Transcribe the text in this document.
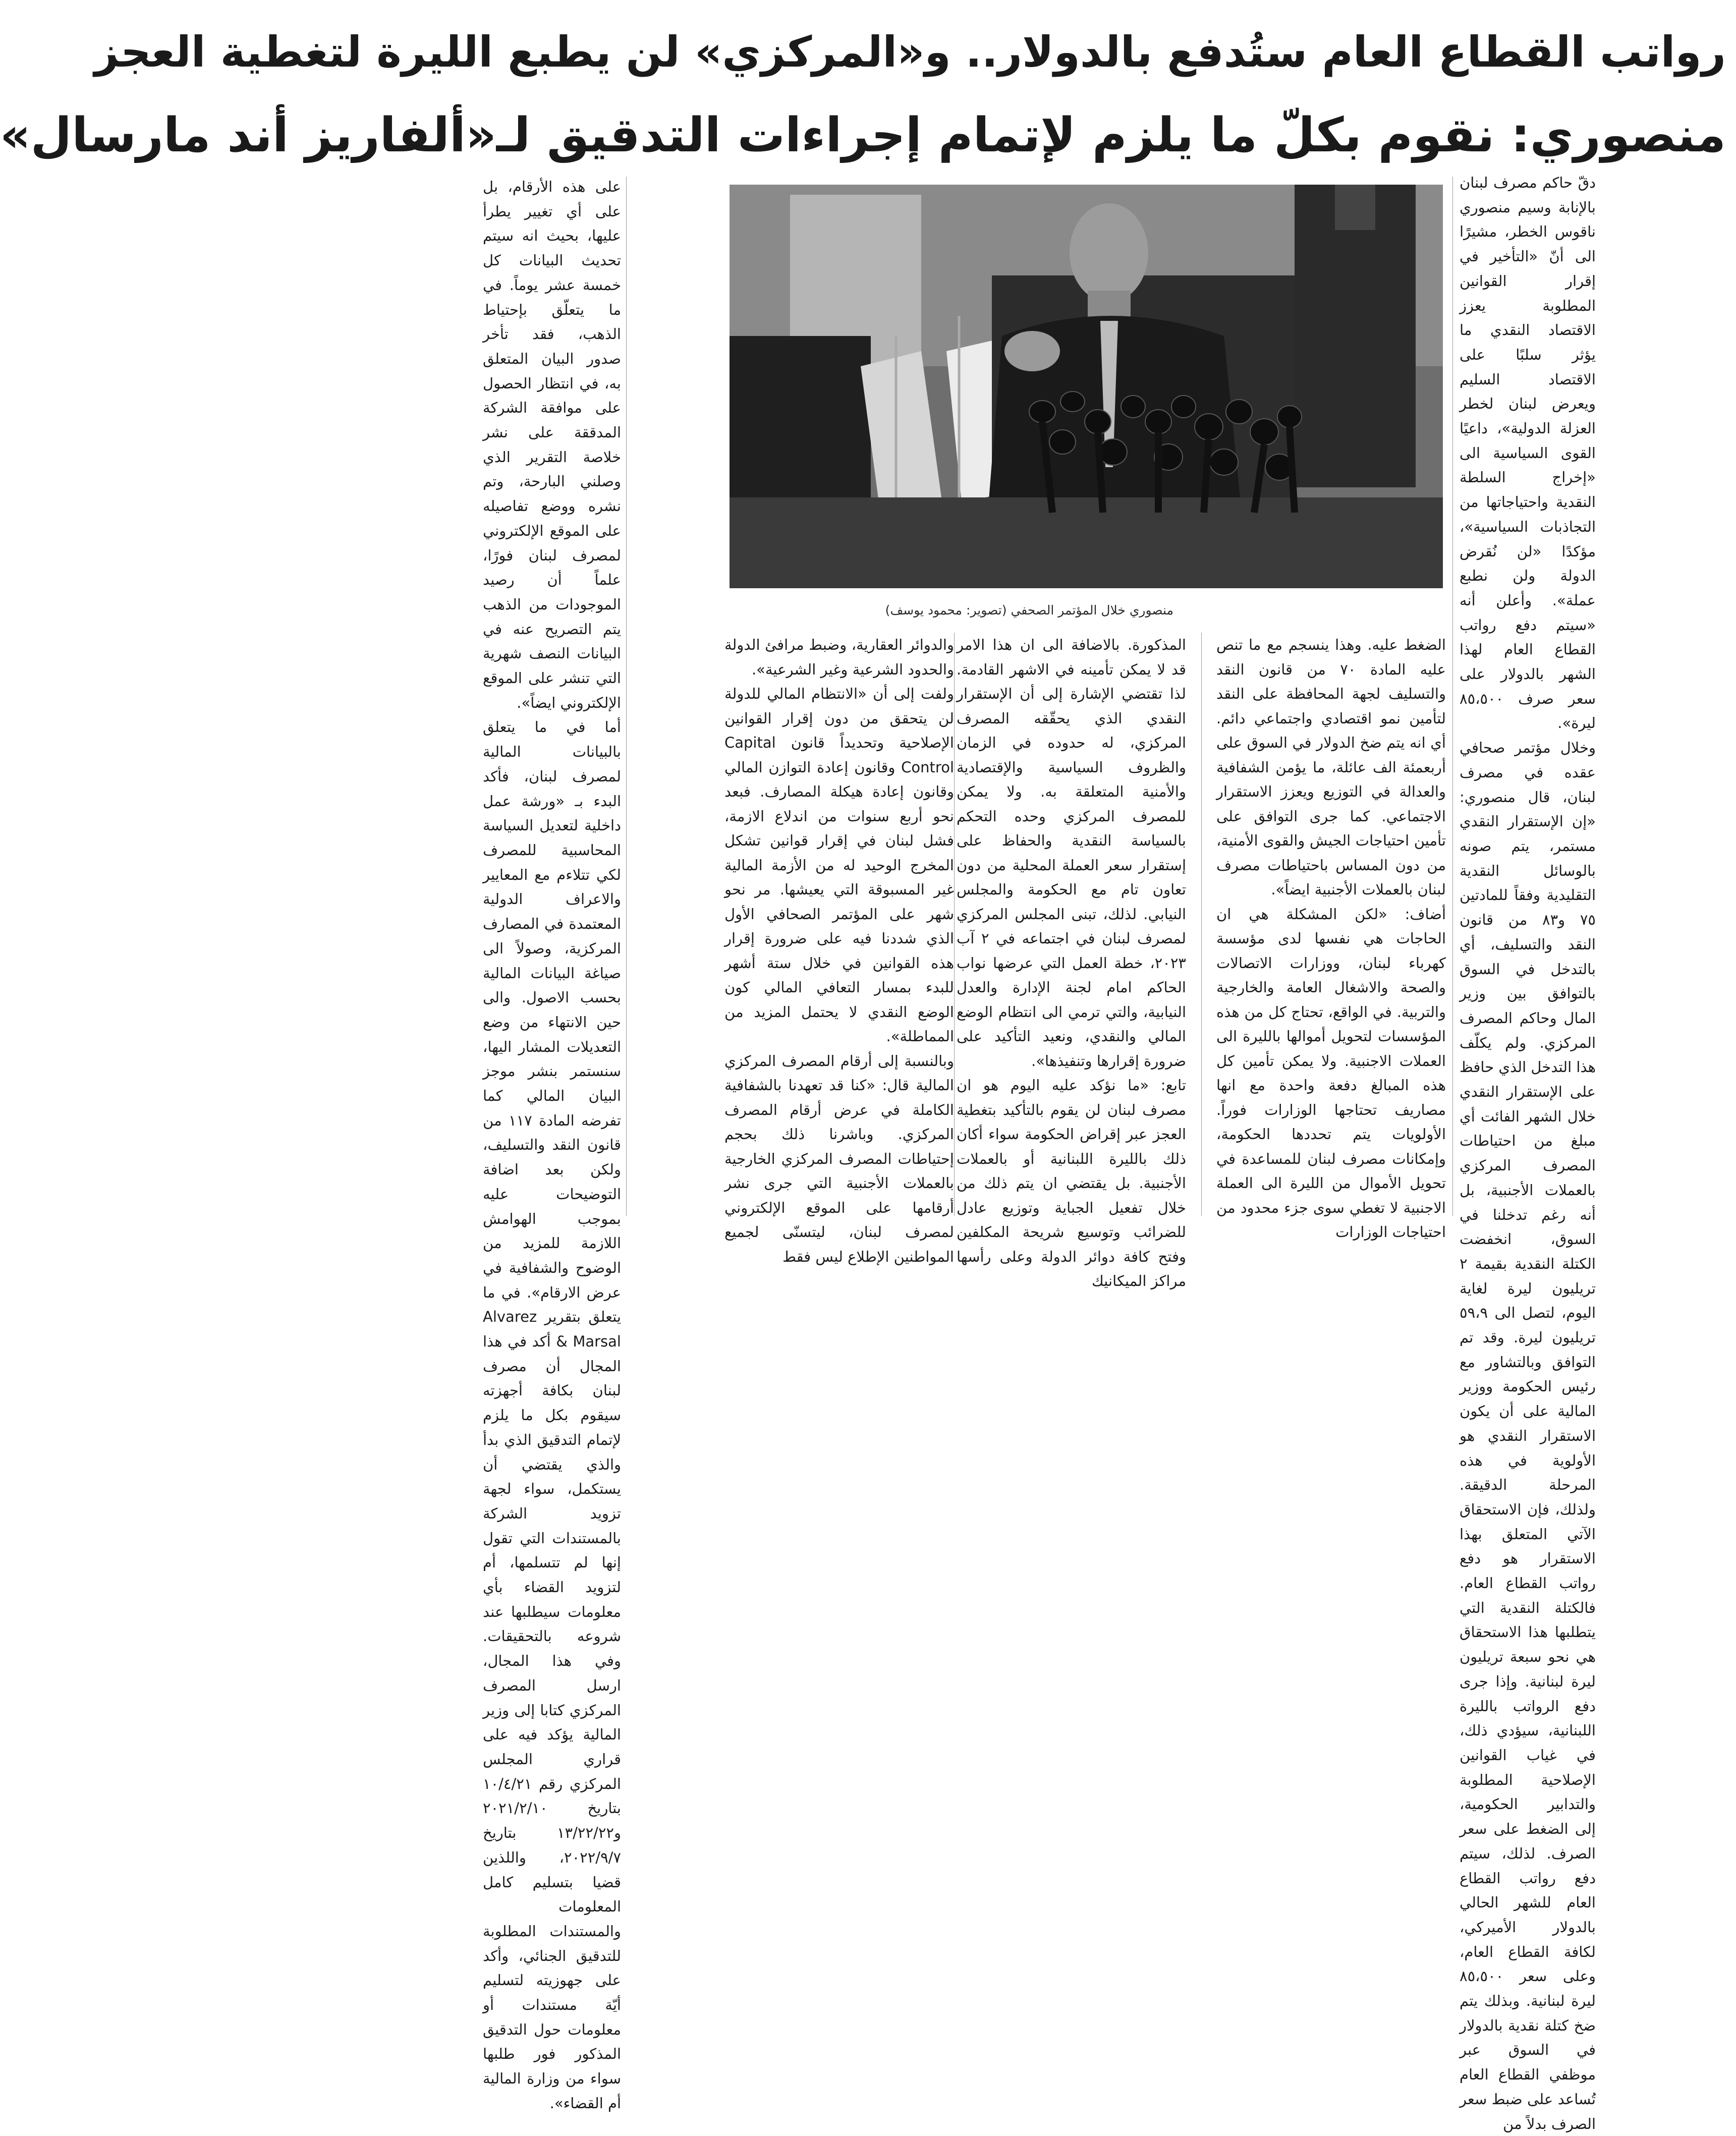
رواتب القطاع العام ستُدفع بالدولار.. و«المركزي» لن يطبع الليرة لتغطية العجز
منصوري: نقوم بكلّ ما يلزم لإتمام إجراءات التدقيق لـ«ألفاريز أند مارسال»

دقّ حاكم مصرف لبنان بالإنابة وسيم منصوري ناقوس الخطر، مشيرًا الى أنّ «التأخير في إقرار القوانين المطلوبة يعزز الاقتصاد النقدي ما يؤثر سلبًا على الاقتصاد السليم ويعرض لبنان لخطر العزلة الدولية»، داعيًا القوى السياسية الى «إخراج السلطة النقدية واحتياجاتها من التجاذبات السياسية»، مؤكدًا «لن نُقرض الدولة ولن نطبع عملة». وأعلن أنه «سيتم دفع رواتب القطاع العام لهذا الشهر بالدولار على سعر صرف ٨٥،٥٠٠ ليرة».

وخلال مؤتمر صحافي عقده في مصرف لبنان، قال منصوري: «إن الإستقرار النقدي مستمر، يتم صونه بالوسائل النقدية التقليدية وفقاً للمادتين ٧٥ و٨٣ من قانون النقد والتسليف، أي بالتدخل في السوق بالتوافق بين وزير المال وحاكم المصرف المركزي. ولم يكلّف هذا التدخل الذي حافظ على الإستقرار النقدي خلال الشهر الفائت أي مبلغ من احتياطات المصرف المركزي بالعملات الأجنبية، بل أنه رغم تدخلنا في السوق، انخفضت الكتلة النقدية بقيمة ٢ تريليون ليرة لغاية اليوم، لتصل الى ٥٩،٩ تريليون ليرة. وقد تم التوافق وبالتشاور مع رئيس الحكومة ووزير المالية على أن يكون الاستقرار النقدي هو الأولوية في هذه المرحلة الدقيقة. ولذلك، فإن الاستحقاق الآتي المتعلق بهذا الاستقرار هو دفع رواتب القطاع العام. فالكتلة النقدية التي يتطلبها هذا الاستحقاق هي نحو سبعة تريليون ليرة لبنانية. وإذا جرى دفع الرواتب بالليرة اللبنانية، سيؤدي ذلك، في غياب القوانين الإصلاحية المطلوبة والتدابير الحكومية، إلى الضغط على سعر الصرف. لذلك، سيتم دفع رواتب القطاع العام للشهر الحالي بالدولار الأميركي، لكافة القطاع العام، وعلى سعر ٨٥،٥٠٠ ليرة لبنانية. وبذلك يتم ضخ كتلة نقدية بالدولار في السوق عبر موظفي القطاع العام تُساعد على ضبط سعر الصرف بدلاً من

منصوري خلال المؤتمر الصحفي (تصوير: محمود يوسف)

الضغط عليه. وهذا ينسجم مع ما تنص عليه المادة ٧٠ من قانون النقد والتسليف لجهة المحافظة على النقد لتأمين نمو اقتصادي واجتماعي دائم. أي انه يتم ضخ الدولار في السوق على أربعمئة الف عائلة، ما يؤمن الشفافية والعدالة في التوزيع ويعزز الاستقرار الاجتماعي. كما جرى التوافق على تأمين احتياجات الجيش والقوى الأمنية، من دون المساس باحتياطات مصرف لبنان بالعملات الأجنبية ايضاً».

أضاف: «لكن المشكلة هي ان الحاجات هي نفسها لدى مؤسسة كهرباء لبنان، ووزارات الاتصالات والصحة والاشغال العامة والخارجية والتربية. في الواقع، تحتاج كل من هذه المؤسسات لتحويل أموالها بالليرة الى العملات الاجنبية. ولا يمكن تأمين كل هذه المبالغ دفعة واحدة مع انها مصاريف تحتاجها الوزارات فوراً. الأولويات يتم تحددها الحكومة، وإمكانات مصرف لبنان للمساعدة في تحويل الأموال من الليرة الى العملة الاجنبية لا تغطي سوى جزء محدود من احتياجات الوزارات

المذكورة. بالاضافة الى ان هذا الامر قد لا يمكن تأمينه في الاشهر القادمة. لذا تقتضي الإشارة إلى أن الإستقرار النقدي الذي يحقّقه المصرف المركزي، له حدوده في الزمان والظروف السياسية والإقتصادية والأمنية المتعلقة به. ولا يمكن للمصرف المركزي وحده التحكم بالسياسة النقدية والحفاظ على إستقرار سعر العملة المحلية من دون تعاون تام مع الحكومة والمجلس النيابي. لذلك، تبنى المجلس المركزي لمصرف لبنان في اجتماعه في ٢ آب ٢٠٢٣، خطة العمل التي عرضها نواب الحاكم امام لجنة الإدارة والعدل النيابية، والتي ترمي الى انتظام الوضع المالي والنقدي، ونعيد التأكيد على ضرورة إقرارها وتنفيذها».

تابع: «ما نؤكد عليه اليوم هو ان مصرف لبنان لن يقوم بالتأكيد بتغطية العجز عبر إقراض الحكومة سواء أكان ذلك بالليرة اللبنانية أو بالعملات الأجنبية. بل يقتضي ان يتم ذلك من خلال تفعيل الجباية وتوزيع عادل للضرائب وتوسيع شريحة المكلفين وفتح كافة دوائر الدولة وعلى رأسها مراكز الميكانيك

والدوائر العقارية، وضبط مرافئ الدولة والحدود الشرعية وغير الشرعية».

ولفت إلى أن «الانتظام المالي للدولة لن يتحقق من دون إقرار القوانين الإصلاحية وتحديداً قانون Capital Control وقانون إعادة التوازن المالي وقانون إعادة هيكلة المصارف. فبعد نحو أربع سنوات من اندلاع الازمة، فشل لبنان في إقرار قوانين تشكل المخرج الوحيد له من الأزمة المالية غير المسبوقة التي يعيشها. مر نحو شهر على المؤتمر الصحافي الأول الذي شددنا فيه على ضرورة إقرار هذه القوانين في خلال ستة أشهر للبدء بمسار التعافي المالي كون الوضع النقدي لا يحتمل المزيد من المماطلة».

وبالنسبة إلى أرقام المصرف المركزي المالية قال: «كنا قد تعهدنا بالشفافية الكاملة في عرض أرقام المصرف المركزي. وباشرنا ذلك بحجم إحتياطات المصرف المركزي الخارجية بالعملات الأجنبية التي جرى نشر أرقامها على الموقع الإلكتروني لمصرف لبنان، ليتسنّى لجميع المواطنين الإطلاع ليس فقط

على هذه الأرقام، بل على أي تغيير يطرأ عليها، بحيث انه سيتم تحديث البيانات كل خمسة عشر يوماً. في ما يتعلّق بإحتياط الذهب، فقد تأخر صدور البيان المتعلق به، في انتظار الحصول على موافقة الشركة المدققة على نشر خلاصة التقرير الذي وصلني البارحة، وتم نشره ووضع تفاصيله على الموقع الإلكتروني لمصرف لبنان فورًا، علماً أن رصيد الموجودات من الذهب يتم التصريح عنه في البيانات النصف شهرية التي تنشر على الموقع الإلكتروني ايضاً».

أما في ما يتعلق بالبيانات المالية لمصرف لبنان، فأكد البدء بـ «ورشة عمل داخلية لتعديل السياسة المحاسبية للمصرف لكي تتلاءم مع المعايير والاعراف الدولية المعتمدة في المصارف المركزية، وصولاً الى صياغة البيانات المالية بحسب الاصول. والى حين الانتهاء من وضع التعديلات المشار اليها، سنستمر بنشر موجز البيان المالي كما تفرضه المادة ١١٧ من قانون النقد والتسليف، ولكن بعد اضافة التوضيحات عليه بموجب الهوامش اللازمة للمزيد من الوضوح والشفافية في عرض الارقام». في ما يتعلق بتقرير Alvarez & Marsal أكد في هذا المجال أن مصرف لبنان بكافة أجهزته سيقوم بكل ما يلزم لإتمام التدقيق الذي بدأ والذي يقتضي أن يستكمل، سواء لجهة تزويد الشركة بالمستندات التي تقول إنها لم تتسلمها، أم لتزويد القضاء بأي معلومات سيطلبها عند شروعه بالتحقيقات. وفي هذا المجال، ارسل المصرف المركزي كتابا إلى وزير المالية يؤكد فيه على قراري المجلس المركزي رقم ١٠/٤/٢١ بتاريخ ٢٠٢١/٢/١٠ و١٣/٢٢/٢٢ بتاريخ ٢٠٢٢/٩/٧، واللذين قضيا بتسليم كامل المعلومات والمستندات المطلوبة للتدقيق الجنائي، وأكد على جهوزيته لتسليم أيّة مستندات أو معلومات حول التدقيق المذكور فور طلبها سواء من وزارة المالية أم القضاء».
